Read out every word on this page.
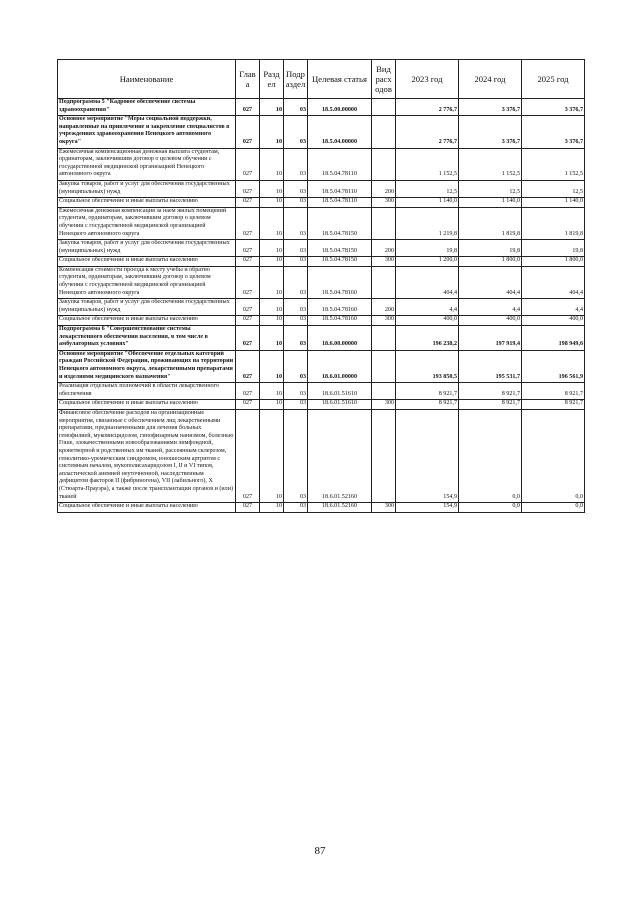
Наименование	Глав а	Разд ел	Подр аздел	Целевая статья	Вид расх одов	2023 год	2024 год	2025 год
Подпрограмма 5 "Кадровое обеспечение системы здравоохранения"	027	10	03	18.5.00.00000		2 776,7	3 376,7	3 376,7
Основное мероприятие "Меры социальной поддержки, направленные на привлечение и закрепление специалистов в учреждениях здравоохранения Ненецкого автономного округа"	027	10	03	18.5.04.00000		2 776,7	3 376,7	3 376,7
Ежемесячная компенсационная денежная выплата студентам, ординаторам, заключившим договор о целевом обучении с государственной медицинской организацией Ненецкого автономного округа	027	10	03	18.5.04.78110		1 152,5	1 152,5	1 152,5
Закупка товаров, работ и услуг для обеспечения государственных (муниципальных) нужд	027	10	03	18.5.04.78110	200	12,5	12,5	12,5
Социальное обеспечение и иные выплаты населению	027	10	03	18.5.04.78110	300	1 140,0	1 140,0	1 140,0
Ежемесячная денежная компенсация за наем жилых помещений студентам, ординаторам, заключившим договор о целевом обучении с государственной медицинской организацией Ненецкого автономного округа	027	10	03	18.5.04.78150		1 219,8	1 819,8	1 819,8
Закупка товаров, работ и услуг для обеспечения государственных (муниципальных) нужд	027	10	03	18.5.04.78150	200	19,8	19,8	19,8
Социальное обеспечение и иные выплаты населению	027	10	03	18.5.04.78150	300	1 200,0	1 800,0	1 800,0
Компенсация стоимости проезда к месту учебы и обратно студентам, ординаторам, заключившим договор о целевом обучении с государственной медицинской организацией Ненецкого автономного округа	027	10	03	18.5.04.78160		404,4	404,4	404,4
Закупка товаров, работ и услуг для обеспечения государственных (муниципальных) нужд	027	10	03	18.5.04.78160	200	4,4	4,4	4,4
Социальное обеспечение и иные выплаты населению	027	10	03	18.5.04.78160	300	400,0	400,0	400,0
Подпрограмма 6 "Совершенствование системы лекарственного обеспечения населения, в том числе в амбулаторных условиях"	027	10	03	18.6.00.00000		196 238,2	197 919,4	198 949,6
Основное мероприятие "Обеспечение отдельных категорий граждан Российской Федерации, проживающих на территории Ненецкого автономного округа, лекарственными препаратами и изделиями медицинского назначения"	027	10	03	18.6.01.00000		193 850,5	195 531,7	196 561,9
Реализация отдельных полномочий в области лекарственного обеспечения	027	10	03	18.6.01.51610		8 921,7	8 921,7	8 921,7
Социальное обеспечение и иные выплаты населению	027	10	03	18.6.01.51610	300	8 921,7	8 921,7	8 921,7
Финансовое обеспечение расходов на организационные мероприятия, связанные с обеспечением лиц лекарственными препаратами, предназначенными для лечения больных гемофилией, муковисцидозом, гипофизарным нанизмом, болезнью Гоше, злокачественными новообразованиями лимфоидной, кроветворной и родственных им тканей, рассеянным склерозом, гемолитико-уремическим синдромом, юношеским артритом с системным началом, мукополисахаридозом I, II и VI типов, апластической анемией неуточненной, наследственным дефицитом факторов II (фибриногена), VII (лабильного), X (Стюарта-Прауэра), а также после трансплантации органов и (или) тканей	027	10	03	18.6.01.52160		154,9	0,0	0,0
Социальное обеспечение и иные выплаты населению	027	10	03	18.6.01.52160	300	154,9	0,0	0,0
87
